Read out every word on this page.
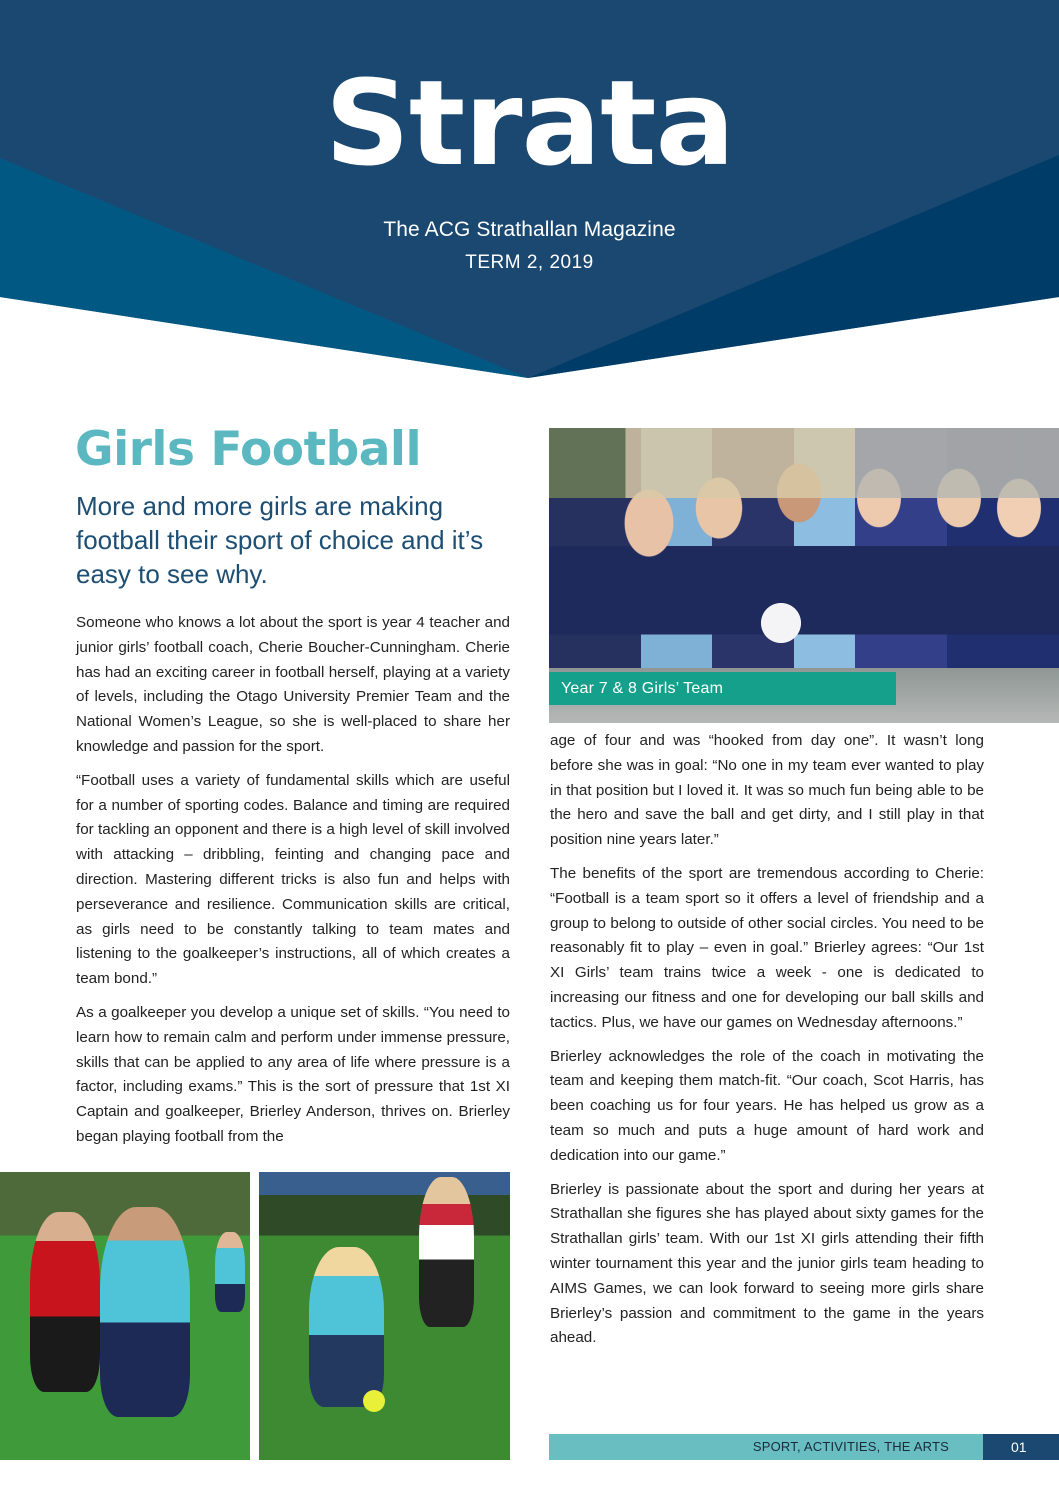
Strata
The ACG Strathallan Magazine
TERM 2, 2019
Girls Football
More and more girls are making football their sport of choice and it’s easy to see why.

Someone who knows a lot about the sport is year 4 teacher and junior girls’ football coach, Cherie Boucher-Cunningham. Cherie has had an exciting career in football herself, playing at a variety of levels, including the Otago University Premier Team and the National Women’s League, so she is well-placed to share her knowledge and passion for the sport.

“Football uses a variety of fundamental skills which are useful for a number of sporting codes. Balance and timing are required for tackling an opponent and there is a high level of skill involved with attacking – dribbling, feinting and changing pace and direction. Mastering different tricks is also fun and helps with perseverance and resilience. Communication skills are critical, as girls need to be constantly talking to team mates and listening to the goalkeeper’s instructions, all of which creates a team bond.”

As a goalkeeper you develop a unique set of skills. “You need to learn how to remain calm and perform under immense pressure, skills that can be applied to any area of life where pressure is a factor, including exams.” This is the sort of pressure that 1st XI Captain and goalkeeper, Brierley Anderson, thrives on. Brierley began playing football from the

Year 7 & 8 Girls’ Team

age of four and was “hooked from day one”. It wasn’t long before she was in goal: “No one in my team ever wanted to play in that position but I loved it. It was so much fun being able to be the hero and save the ball and get dirty, and I still play in that position nine years later.”

The benefits of the sport are tremendous according to Cherie: “Football is a team sport so it offers a level of friendship and a group to belong to outside of other social circles. You need to be reasonably fit to play – even in goal.” Brierley agrees: “Our 1st XI Girls’ team trains twice a week - one is dedicated to increasing our fitness and one for developing our ball skills and tactics. Plus, we have our games on Wednesday afternoons.”

Brierley acknowledges the role of the coach in motivating the team and keeping them match-fit. “Our coach, Scot Harris, has been coaching us for four years. He has helped us grow as a team so much and puts a huge amount of hard work and dedication into our game.”

Brierley is passionate about the sport and during her years at Strathallan she figures she has played about sixty games for the Strathallan girls’ team. With our 1st XI girls attending their fifth winter tournament this year and the junior girls team heading to AIMS Games, we can look forward to seeing more girls share Brierley’s passion and commitment to the game in the years ahead.

SPORT, ACTIVITIES, THE ARTS	01
